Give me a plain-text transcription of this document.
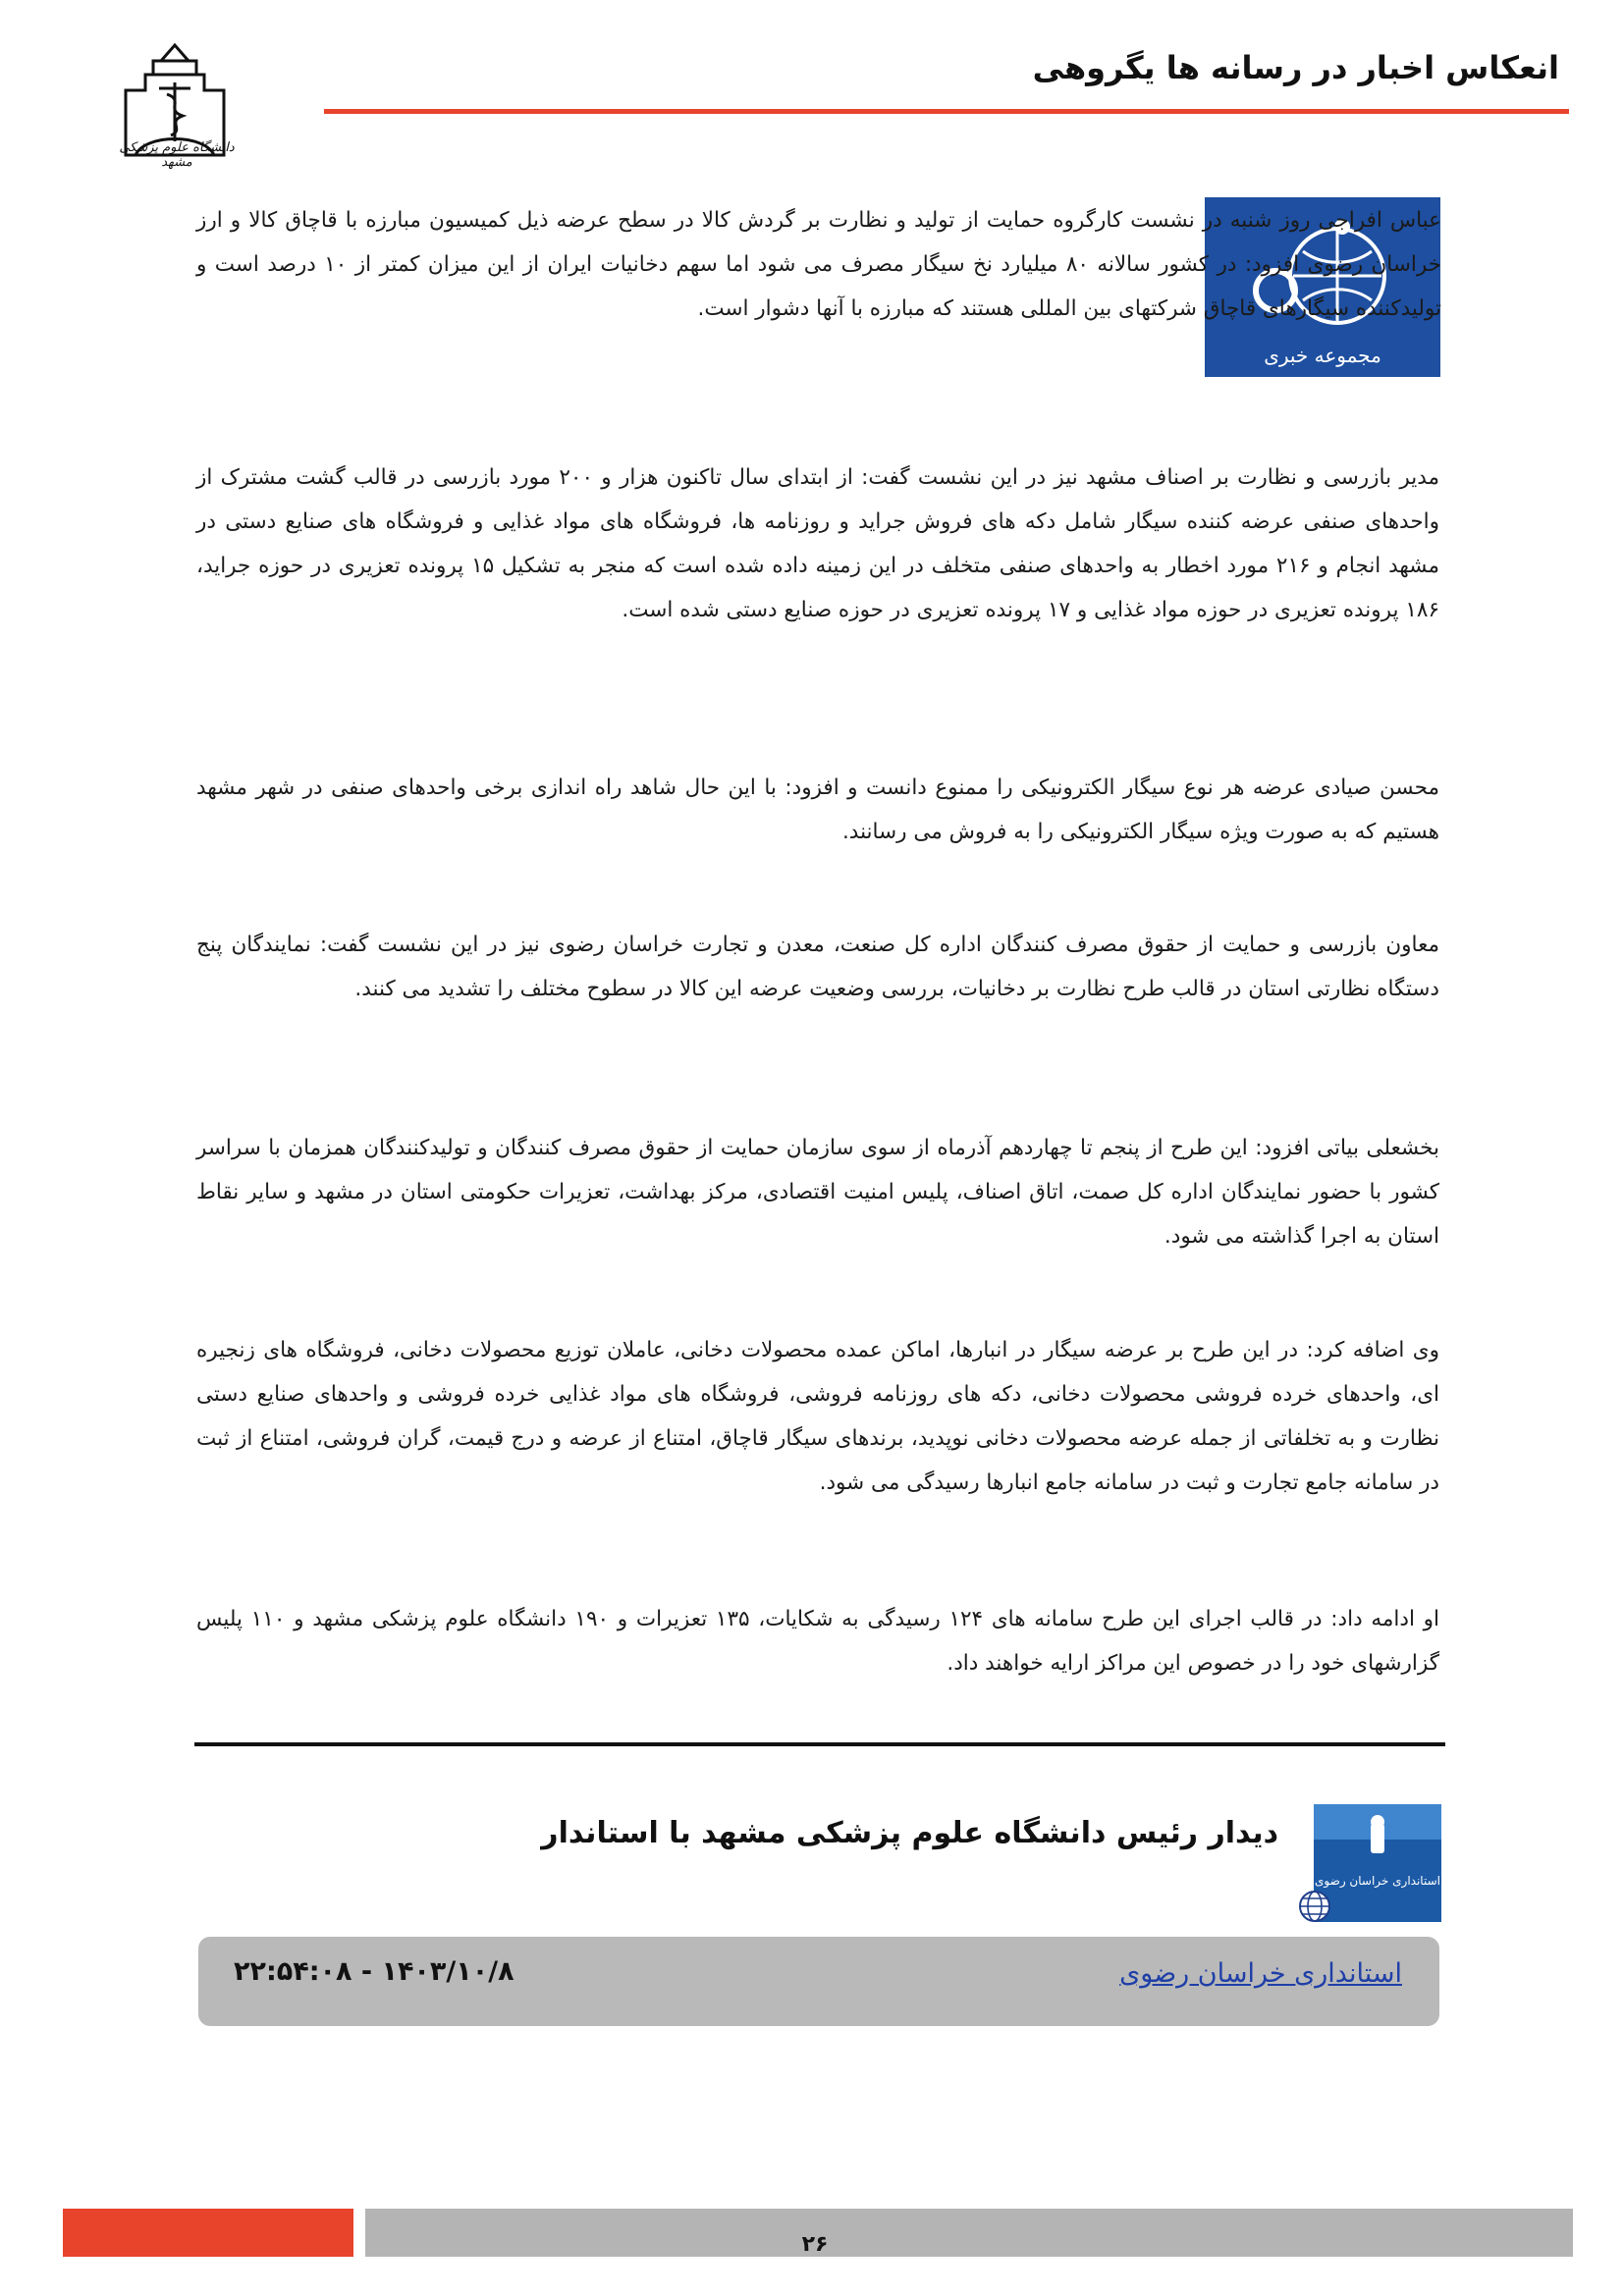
انعکاس اخبار در رسانه ها یگروهی
دانشگاه علوم پزشکی مشهد
مجموعه خبری

عباس افراجی روز شنبه در نشست کارگروه حمایت از تولید و نظارت بر گردش کالا در سطح عرضه ذیل کمیسیون مبارزه با قاچاق کالا و ارز خراسان رضوی افزود: در کشور سالانه ۸۰ میلیارد نخ سیگار مصرف می شود اما سهم دخانیات ایران از این میزان کمتر از ۱۰ درصد است و تولیدکننده سیگارهای قاچاق شرکتهای بین المللی هستند که مبارزه با آنها دشوار است.

مدیر بازرسی و نظارت بر اصناف مشهد نیز در این نشست گفت: از ابتدای سال تاکنون هزار و ۲۰۰ مورد بازرسی در قالب گشت مشترک از واحدهای صنفی عرضه کننده سیگار شامل دکه های فروش جراید و روزنامه ها، فروشگاه های مواد غذایی و فروشگاه های صنایع دستی در مشهد انجام و ۲۱۶ مورد اخطار به واحدهای صنفی متخلف در این زمینه داده شده است که منجر به تشکیل ۱۵ پرونده تعزیری در حوزه جراید، ۱۸۶ پرونده تعزیری در حوزه مواد غذایی و ۱۷ پرونده تعزیری در حوزه صنایع دستی شده است.

محسن صیادی عرضه هر نوع سیگار الکترونیکی را ممنوع دانست و افزود: با این حال شاهد راه اندازی برخی واحدهای صنفی در شهر مشهد هستیم که به صورت ویژه سیگار الکترونیکی را به فروش می رسانند.

معاون بازرسی و حمایت از حقوق مصرف کنندگان اداره کل صنعت، معدن و تجارت خراسان رضوی نیز در این نشست گفت: نمایندگان پنج دستگاه نظارتی استان در قالب طرح نظارت بر دخانیات، بررسی وضعیت عرضه این کالا در سطوح مختلف را تشدید می کنند.

بخشعلی بیاتی افزود: این طرح از پنجم تا چهاردهم آذرماه از سوی سازمان حمایت از حقوق مصرف کنندگان و تولیدکنندگان همزمان با سراسر کشور با حضور نمایندگان اداره کل صمت، اتاق اصناف، پلیس امنیت اقتصادی، مرکز بهداشت، تعزیرات حکومتی استان در مشهد و سایر نقاط استان به اجرا گذاشته می شود.

وی اضافه کرد: در این طرح بر عرضه سیگار در انبارها، اماکن عمده محصولات دخانی، عاملان توزیع محصولات دخانی، فروشگاه های زنجیره ای، واحدهای خرده فروشی محصولات دخانی، دکه های روزنامه فروشی، فروشگاه های مواد غذایی خرده فروشی و واحدهای صنایع دستی نظارت و به تخلفاتی از جمله عرضه محصولات دخانی نوپدید، برندهای سیگار قاچاق، امتناع از عرضه و درج قیمت، گران فروشی، امتناع از ثبت در سامانه جامع تجارت و ثبت در سامانه جامع انبارها رسیدگی می شود.

او ادامه داد: در قالب اجرای این طرح سامانه های ۱۲۴ رسیدگی به شکایات، ۱۳۵ تعزیرات و ۱۹۰ دانشگاه علوم پزشکی مشهد و ۱۱۰ پلیس گزارشهای خود را در خصوص این مراکز ارایه خواهند داد.

دیدار رئیس دانشگاه علوم پزشکی مشهد با استاندار
استانداری خراسان رضوی
استانداری خراسان رضوی
۲۲:۵۴:۰۸ - ۱۴۰۳/۱۰/۸
۲۶
